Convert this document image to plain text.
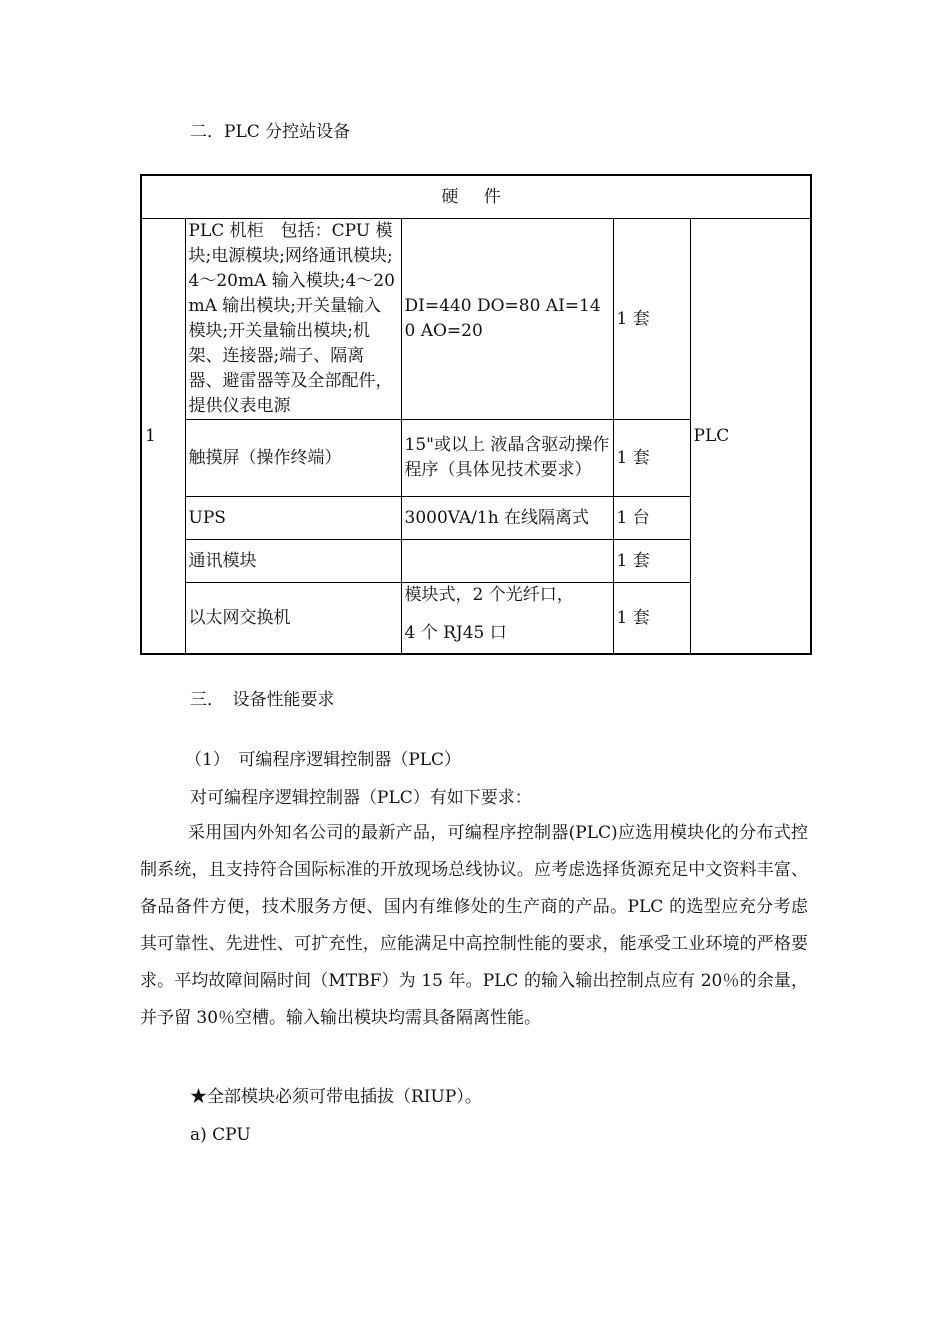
二．PLC 分控站设备
硬 件				
1	PLC 机柜　包括：CPU 模块;电源模块;网络通讯模块;4～20mA 输入模块;4～20mA 输出模块;开关量输入模块;开关量输出模块;机架、连接器;端子、隔离器、避雷器等及全部配件，提供仪表电源	DI=440 DO=80 AI=140 AO=20	1 套	PLC
	触摸屏（操作终端）	15"或以上 液晶含驱动操作程序（具体见技术要求）	1 套	
	UPS	3000VA/1h 在线隔离式	1 台	
	通讯模块		1 套	
	以太网交换机	模块式，2 个光纤口，
4 个 RJ45 口	1 套	
三．　设备性能要求
（1）　可编程序逻辑控制器（PLC）
对可编程序逻辑控制器（PLC）有如下要求：
采用国内外知名公司的最新产品，可编程序控制器(PLC)应选用模块化的分布式控制系统，且支持符合国际标准的开放现场总线协议。应考虑选择货源充足中文资料丰富、备品备件方便，技术服务方便、国内有维修处的生产商的产品。PLC 的选型应充分考虑其可靠性、先进性、可扩充性，应能满足中高控制性能的要求，能承受工业环境的严格要求。平均故障间隔时间（MTBF）为 15 年。PLC 的输入输出控制点应有 20％的余量，并予留 30％空槽。输入输出模块均需具备隔离性能。
★全部模块必须可带电插拔（RIUP）。
a) CPU
